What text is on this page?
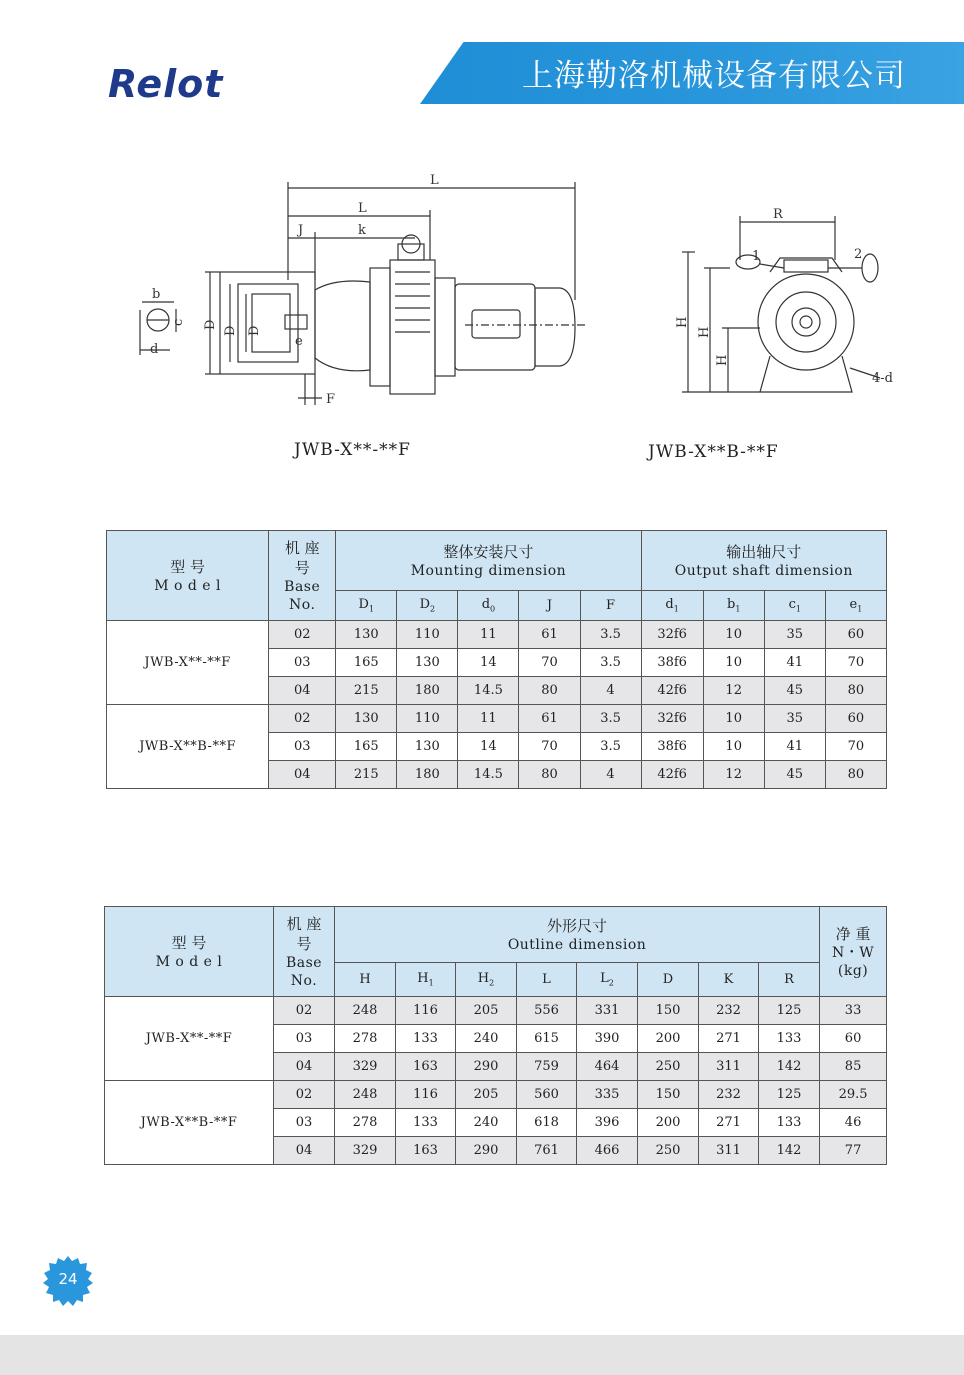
Relot	上海勒洛机械设备有限公司
L
L
J	k
D
D D
e
F
b
c
d
R
H
H
H
1	2
4-d
JWB-X**-**F	JWB-X**B-**F
型 号
M o d e l	机 座
号
Base
No.	整体安装尺寸
Mounting dimension					输出轴尺寸
Output shaft dimension			

		$D_1$	$D_2$	$d_0$	J	F	$d_1$	$b_1$	$c_1$	$e_1$
JWB-X**-**F	02	130	110	11	61	3.5	32f6	10	35	60
	03	165	130	14	70	3.5	38f6	10	41	70
	04	215	180	14.5	80	4	42f6	12	45	80
JWB-X**B-**F	02	130	110	11	61	3.5	32f6	10	35	60
	03	165	130	14	70	3.5	38f6	10	41	70
	04	215	180	14.5	80	4	42f6	12	45	80
型 号
M o d e l	机 座
号
Base
No.	外形尺寸
Outline dimension								净 重
N・W
(kg)

		H	$H_1$	$H_2$	L	$L_2$	D	K	R	
JWB-X**-**F	02	248	116	205	556	331	150	232	125	33
	03	278	133	240	615	390	200	271	133	60
	04	329	163	290	759	464	250	311	142	85
JWB-X**B-**F	02	248	116	205	560	335	150	232	125	29.5
	03	278	133	240	618	396	200	271	133	46
	04	329	163	290	761	466	250	311	142	77
24
